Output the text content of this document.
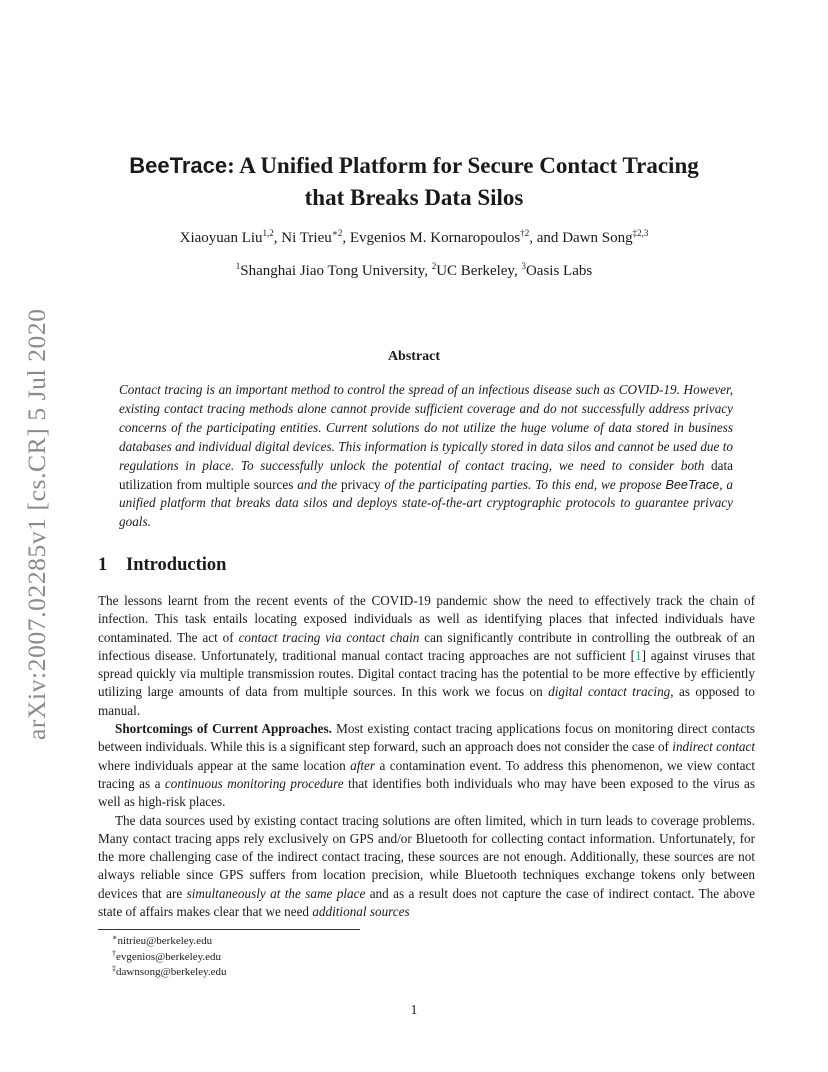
arXiv:2007.02285v1 [cs.CR] 5 Jul 2020
BeeTrace: A Unified Platform for Secure Contact Tracing
that Breaks Data Silos
Xiaoyuan Liu$^{1,2}$, Ni Trieu$^{∗2}$, Evgenios M. Kornaropoulos$^{\dagger 2}$, and Dawn Song$^{\ddagger 2,3}$
$^1$Shanghai Jiao Tong University, $^2$UC Berkeley, $^3$Oasis Labs
Abstract
Contact tracing is an important method to control the spread of an infectious disease such as COVID-19. However, existing contact tracing methods alone cannot provide sufficient coverage and do not successfully address privacy concerns of the participating entities. Current solutions do not utilize the huge volume of data stored in business databases and individual digital devices. This information is typically stored in data silos and cannot be used due to regulations in place. To successfully unlock the potential of contact tracing, we need to consider both data utilization from multiple sources and the privacy of the participating parties. To this end, we propose BeeTrace, a unified platform that breaks data silos and deploys state-of-the-art cryptographic protocols to guarantee privacy goals.
1 Introduction

The lessons learnt from the recent events of the COVID-19 pandemic show the need to effectively track the chain of infection. This task entails locating exposed individuals as well as identifying places that infected individuals have contaminated. The act of contact tracing via contact chain can significantly contribute in controlling the outbreak of an infectious disease. Unfortunately, traditional manual contact tracing approaches are not sufficient [1] against viruses that spread quickly via multiple transmission routes. Digital contact tracing has the potential to be more effective by efficiently utilizing large amounts of data from multiple sources. In this work we focus on digital contact tracing, as opposed to manual.

Shortcomings of Current Approaches. Most existing contact tracing applications focus on monitoring direct contacts between individuals. While this is a significant step forward, such an approach does not consider the case of indirect contact where individuals appear at the same location after a contamination event. To address this phenomenon, we view contact tracing as a continuous monitoring procedure that identifies both individuals who may have been exposed to the virus as well as high-risk places.

The data sources used by existing contact tracing solutions are often limited, which in turn leads to coverage problems. Many contact tracing apps rely exclusively on GPS and/or Bluetooth for collecting contact information. Unfortunately, for the more challenging case of the indirect contact tracing, these sources are not enough. Additionally, these sources are not always reliable since GPS suffers from location precision, while Bluetooth techniques exchange tokens only between devices that are simultaneously at the same place and as a result does not capture the case of indirect contact. The above state of affairs makes clear that we need additional sources

∗nitrieu@berkeley.edu
†evgenios@berkeley.edu
‡dawnsong@berkeley.edu
1
